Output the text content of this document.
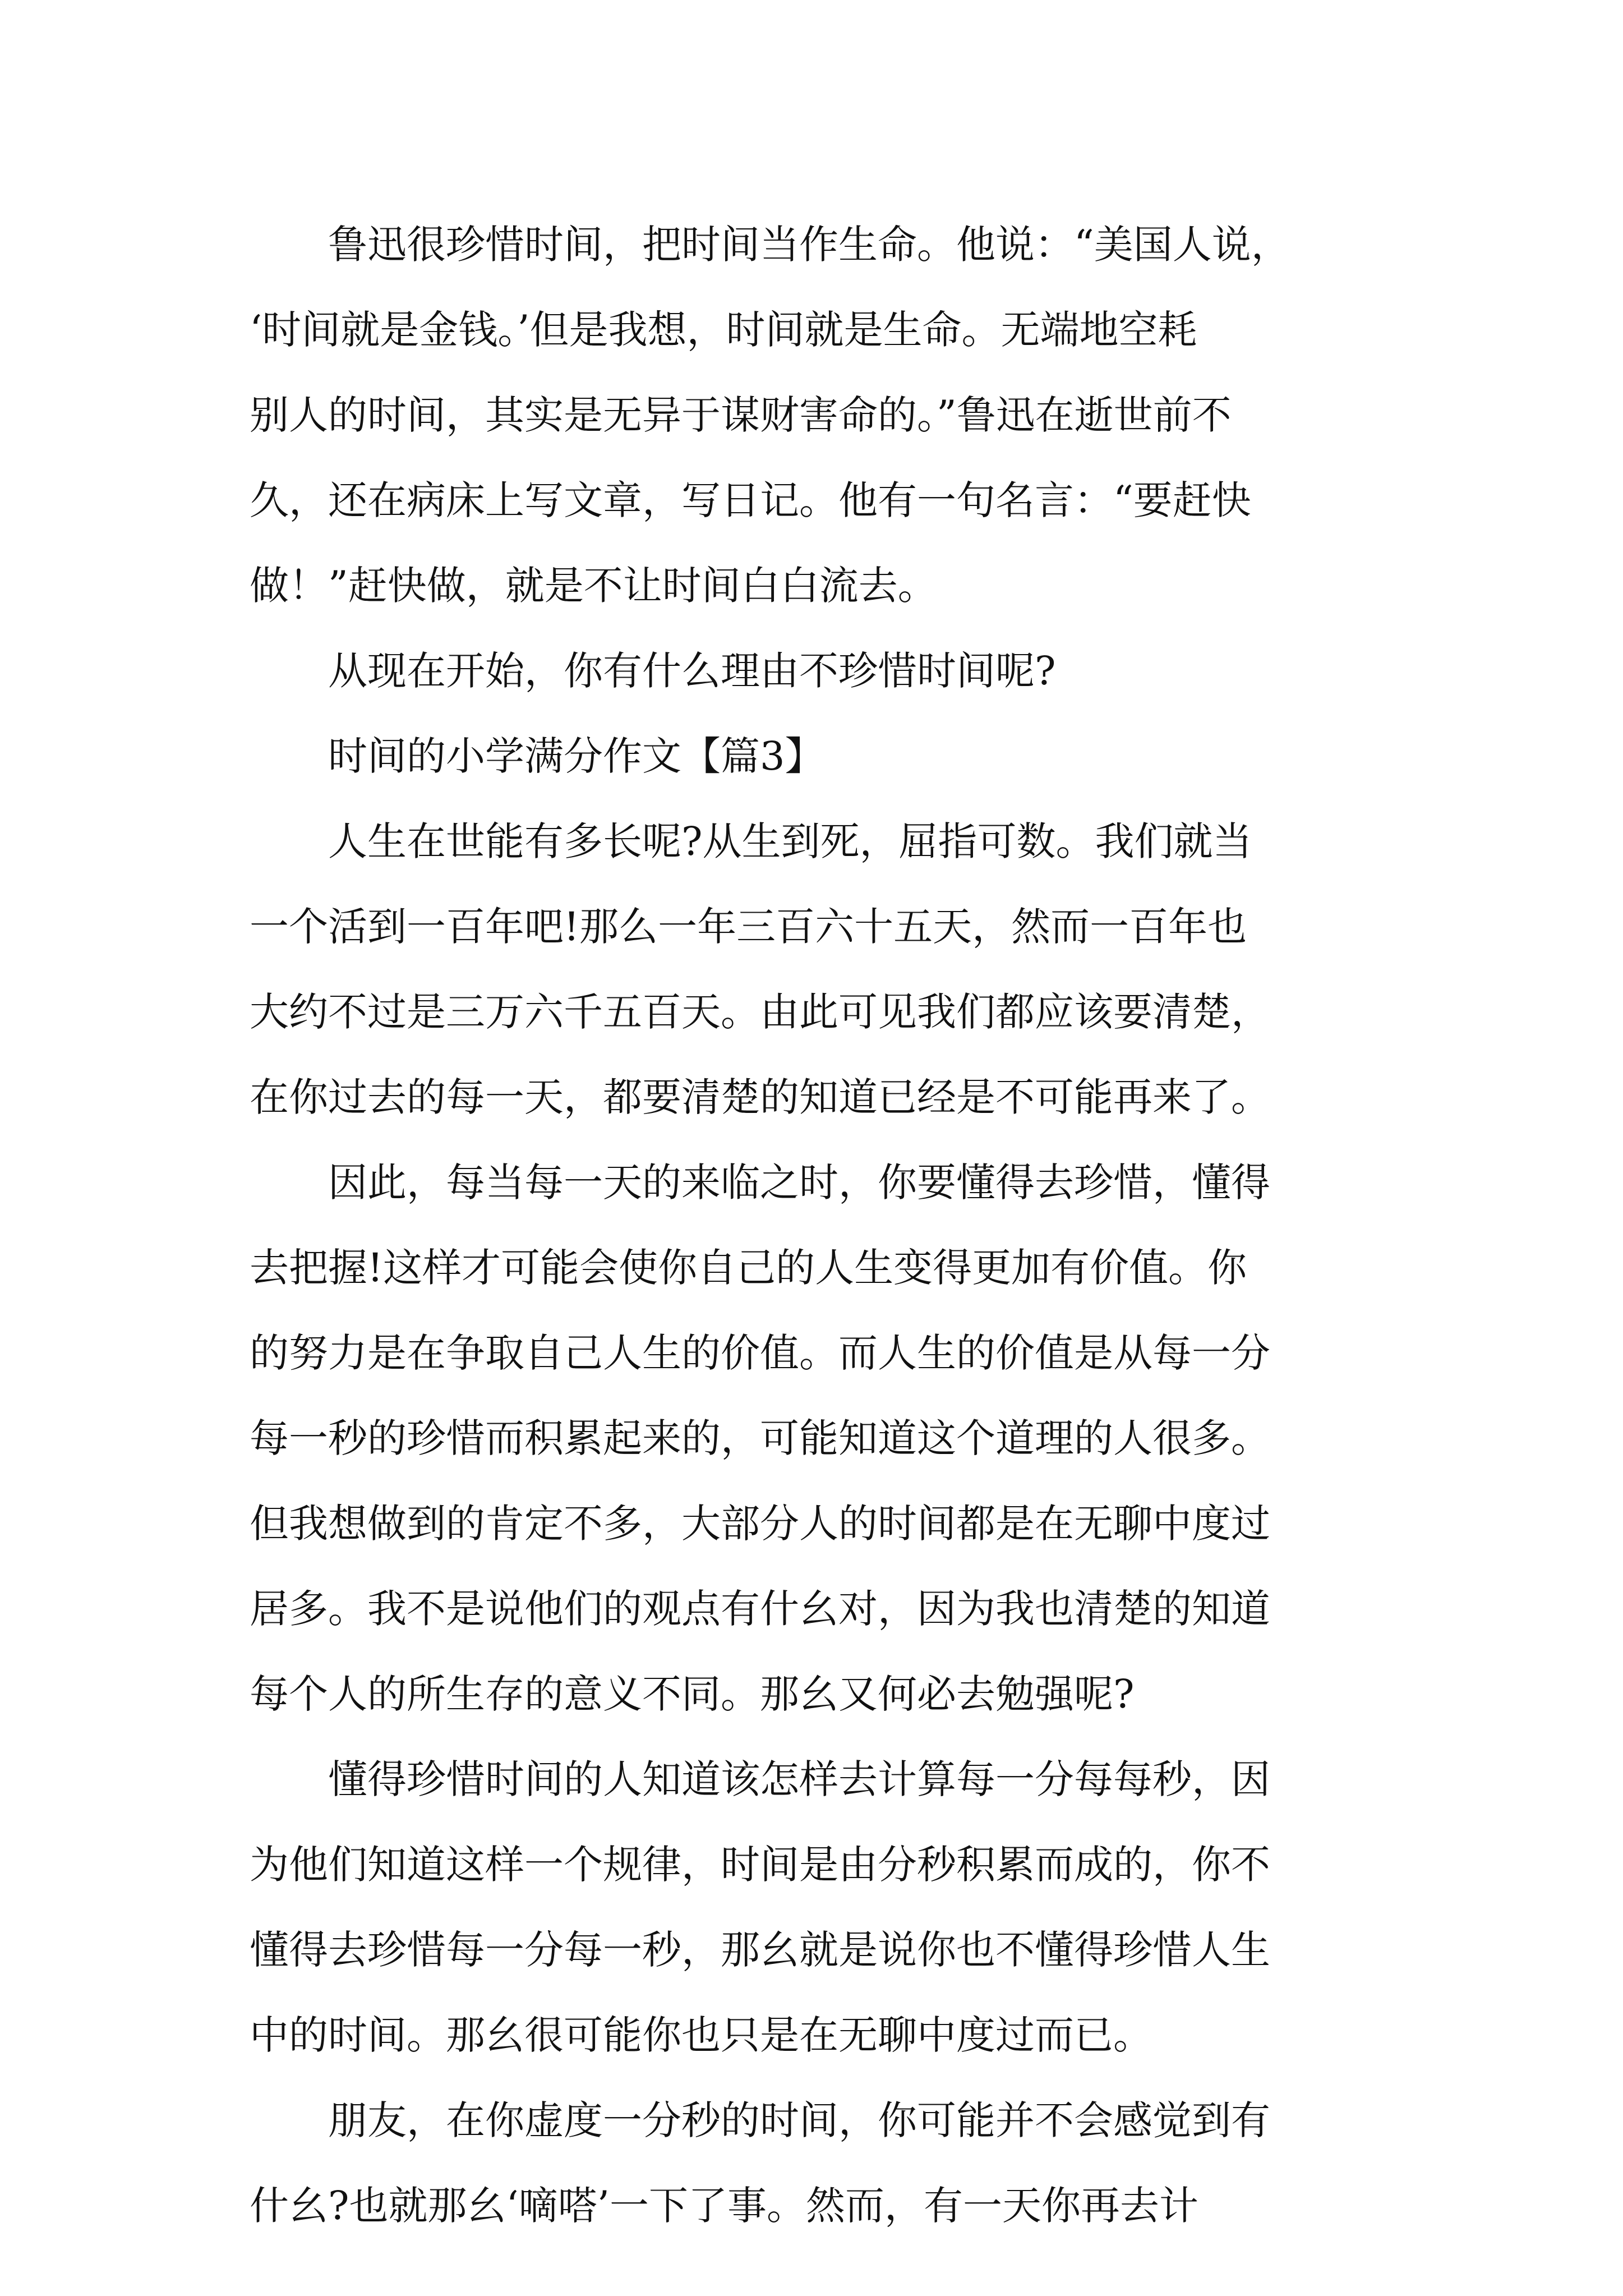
　　鲁迅很珍惜时间，把时间当作生命。他说：“美国人说，
‘时间就是金钱。’但是我想，时间就是生命。无端地空耗
别人的时间，其实是无异于谋财害命的。”鲁迅在逝世前不
久，还在病床上写文章，写日记。他有一句名言：“要赶快
做！”赶快做，就是不让时间白白流去。
　　从现在开始，你有什么理由不珍惜时间呢?
　　时间的小学满分作文【篇3】
　　人生在世能有多长呢?从生到死，屈指可数。我们就当
一个活到一百年吧!那么一年三百六十五天，然而一百年也
大约不过是三万六千五百天。由此可见我们都应该要清楚，
在你过去的每一天，都要清楚的知道已经是不可能再来了。
　　因此，每当每一天的来临之时，你要懂得去珍惜，懂得
去把握!这样才可能会使你自己的人生变得更加有价值。你
的努力是在争取自己人生的价值。而人生的价值是从每一分
每一秒的珍惜而积累起来的，可能知道这个道理的人很多。
但我想做到的肯定不多，大部分人的时间都是在无聊中度过
居多。我不是说他们的观点有什幺对，因为我也清楚的知道
每个人的所生存的意义不同。那幺又何必去勉强呢?
　　懂得珍惜时间的人知道该怎样去计算每一分每每秒，因
为他们知道这样一个规律，时间是由分秒积累而成的，你不
懂得去珍惜每一分每一秒，那幺就是说你也不懂得珍惜人生
中的时间。那幺很可能你也只是在无聊中度过而已。
　　朋友，在你虚度一分秒的时间，你可能并不会感觉到有
什幺?也就那幺‘嘀嗒’一下了事。然而，有一天你再去计
